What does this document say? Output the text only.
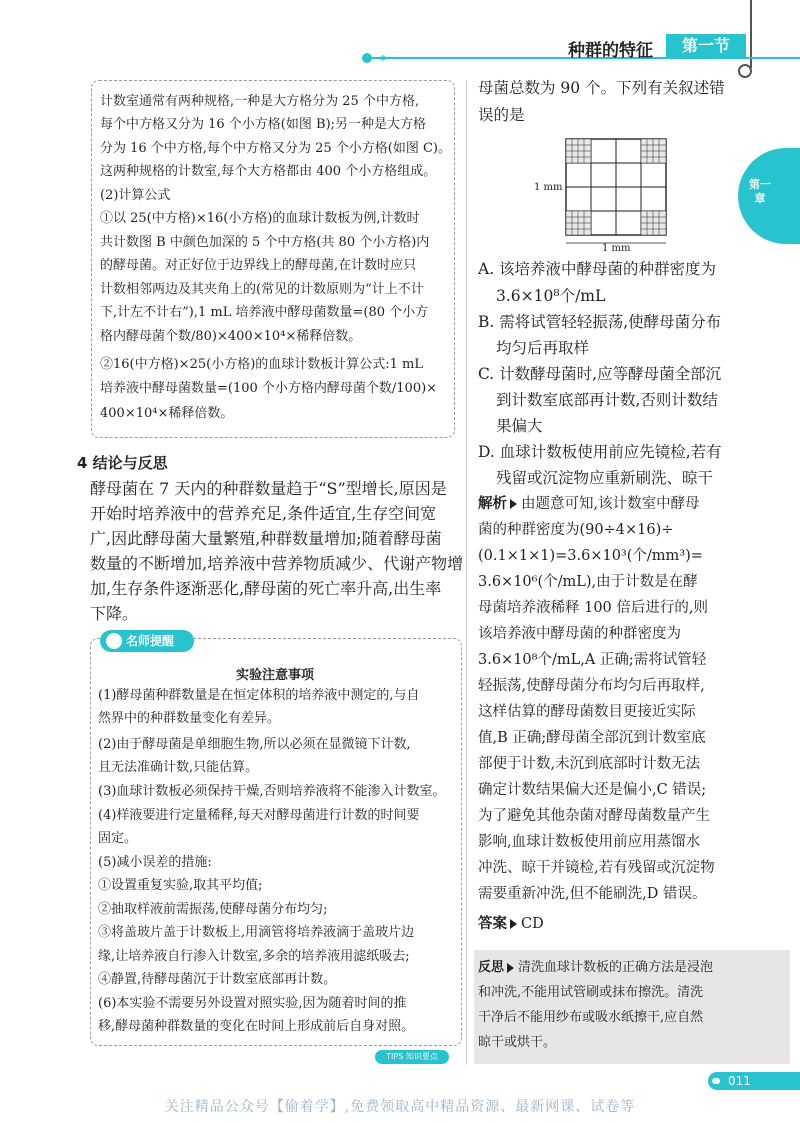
种群的特征	第一节
第一章
计数室通常有两种规格,一种是大方格分为 25 个中方格,
每个中方格又分为 16 个小方格(如图 B);另一种是大方格
分为 16 个中方格,每个中方格又分为 25 个小方格(如图 C)。
这两种规格的计数室,每个大方格都由 400 个小方格组成。
(2)计算公式
①以 25(中方格)×16(小方格)的血球计数板为例,计数时
共计数图 B 中颜色加深的 5 个中方格(共 80 个小方格)内
的酵母菌。对正好位于边界线上的酵母菌,在计数时应只
计数相邻两边及其夹角上的(常见的计数原则为“计上不计
下,计左不计右”),1 mL 培养液中酵母菌数量=(80 个小方
格内酵母菌个数/80)×400×10⁴×稀释倍数。
②16(中方格)×25(小方格)的血球计数板计算公式:1 mL
培养液中酵母菌数量=(100 个小方格内酵母菌个数/100)×
400×10⁴×稀释倍数。
4 结论与反思
酵母菌在 7 天内的种群数量趋于“S”型增长,原因是
开始时培养液中的营养充足,条件适宜,生存空间宽
广,因此酵母菌大量繁殖,种群数量增加;随着酵母菌
数量的不断增加,培养液中营养物质减少、代谢产物增
加,生存条件逐渐恶化,酵母菌的死亡率升高,出生率
下降。
名师提醒
实验注意事项
(1)酵母菌种群数量是在恒定体积的培养液中测定的,与自
然界中的种群数量变化有差异。
(2)由于酵母菌是单细胞生物,所以必须在显微镜下计数,
且无法准确计数,只能估算。
(3)血球计数板必须保持干燥,否则培养液将不能渗入计数室。
(4)样液要进行定量稀释,每天对酵母菌进行计数的时间要
固定。
(5)减小误差的措施:
①设置重复实验,取其平均值;
②抽取样液前需振荡,使酵母菌分布均匀;
③将盖玻片盖于计数板上,用滴管将培养液滴于盖玻片边
缘,让培养液自行渗入计数室,多余的培养液用滤纸吸去;
④静置,待酵母菌沉于计数室底部再计数。
(6)本实验不需要另外设置对照实验,因为随着时间的推
移,酵母菌种群数量的变化在时间上形成前后自身对照。
TIPS 知识要点
母菌总数为 90 个。下列有关叙述错
误的是
1 mm
1 mm
A. 该培养液中酵母菌的种群密度为
3.6×10⁸个/mL
B. 需将试管轻轻振荡,使酵母菌分布
均匀后再取样
C. 计数酵母菌时,应等酵母菌全部沉
到计数室底部再计数,否则计数结
果偏大
D. 血球计数板使用前应先镜检,若有
残留或沉淀物应重新刷洗、晾干
解析 由题意可知,该计数室中酵母
菌的种群密度为(90÷4×16)÷
(0.1×1×1)=3.6×10³(个/mm³)=
3.6×10⁶(个/mL),由于计数是在酵
母菌培养液稀释 100 倍后进行的,则
该培养液中酵母菌的种群密度为
3.6×10⁸个/mL,A 正确;需将试管轻
轻振荡,使酵母菌分布均匀后再取样,
这样估算的酵母菌数目更接近实际
值,B 正确;酵母菌全部沉到计数室底
部便于计数,未沉到底部时计数无法
确定计数结果偏大还是偏小,C 错误;
为了避免其他杂菌对酵母菌数量产生
影响,血球计数板使用前应用蒸馏水
冲洗、晾干并镜检,若有残留或沉淀物
需要重新冲洗,但不能刷洗,D 错误。
答案 CD
反思 清洗血球计数板的正确方法是浸泡
和冲洗,不能用试管刷或抹布擦洗。清洗
干净后不能用纱布或吸水纸擦干,应自然
晾干或烘干。
011
关注精品公众号【偷着学】,免费领取高中精品资源、最新网课、试卷等
